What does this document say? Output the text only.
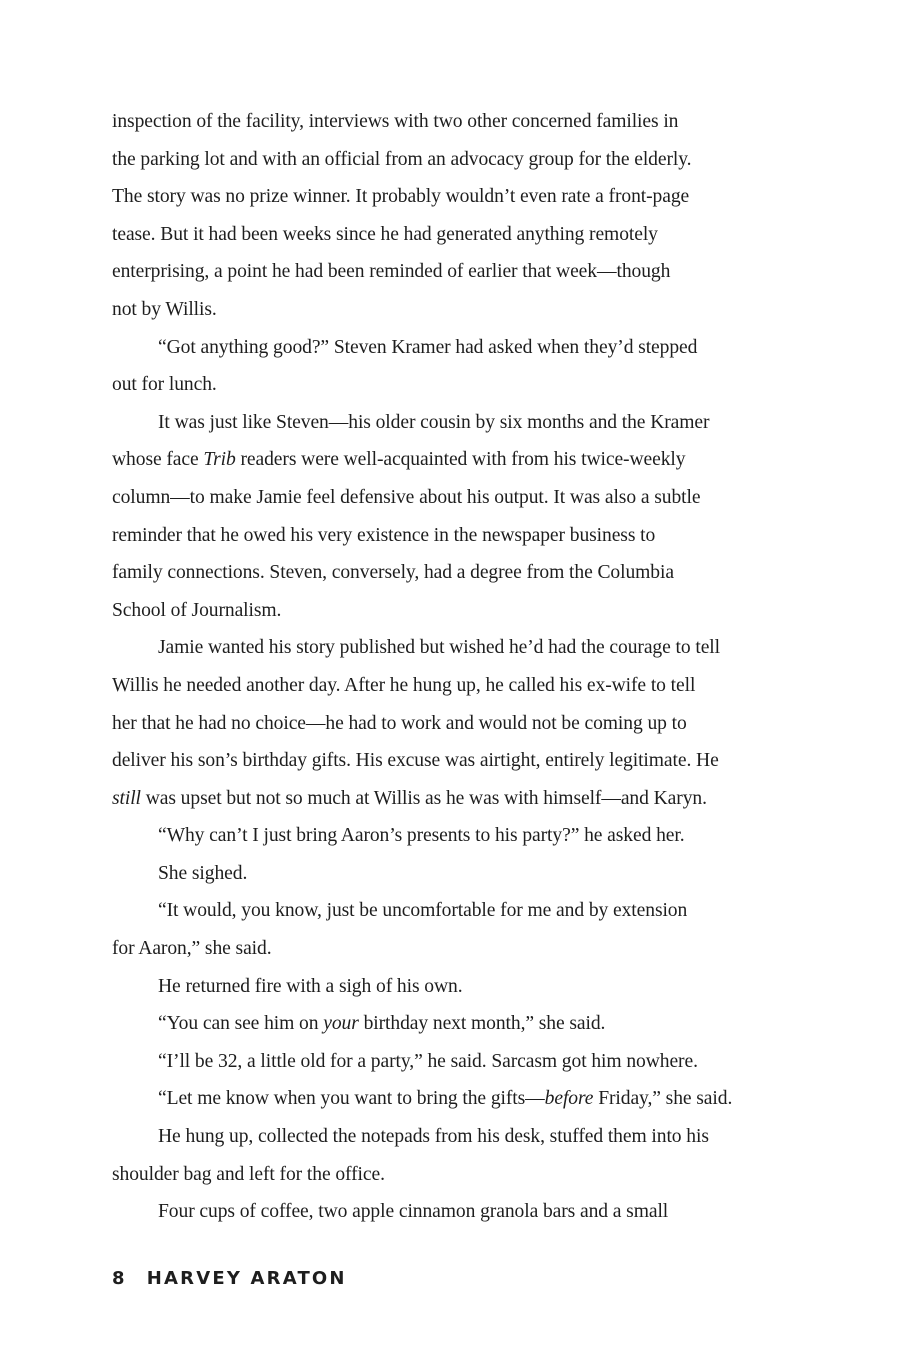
inspection of the facility, interviews with two other concerned families in
the parking lot and with an official from an advocacy group for the elderly.
The story was no prize winner. It probably wouldn’t even rate a front-page
tease. But it had been weeks since he had generated anything remotely
enterprising, a point he had been reminded of earlier that week—though
not by Willis.
“Got anything good?” Steven Kramer had asked when they’d stepped
out for lunch.
It was just like Steven—his older cousin by six months and the Kramer
whose face Trib readers were well-acquainted with from his twice-weekly
column—to make Jamie feel defensive about his output. It was also a subtle
reminder that he owed his very existence in the newspaper business to
family connections. Steven, conversely, had a degree from the Columbia
School of Journalism.
Jamie wanted his story published but wished he’d had the courage to tell
Willis he needed another day. After he hung up, he called his ex-wife to tell
her that he had no choice—he had to work and would not be coming up to
deliver his son’s birthday gifts. His excuse was airtight, entirely legitimate. He
still was upset but not so much at Willis as he was with himself—and Karyn.
“Why can’t I just bring Aaron’s presents to his party?” he asked her.
She sighed.
“It would, you know, just be uncomfortable for me and by extension
for Aaron,” she said.
He returned fire with a sigh of his own.
“You can see him on your birthday next month,” she said.
“I’ll be 32, a little old for a party,” he said. Sarcasm got him nowhere.
“Let me know when you want to bring the gifts—before Friday,” she said.
He hung up, collected the notepads from his desk, stuffed them into his
shoulder bag and left for the office.
Four cups of coffee, two apple cinnamon granola bars and a small
8 HARVEY ARATON
